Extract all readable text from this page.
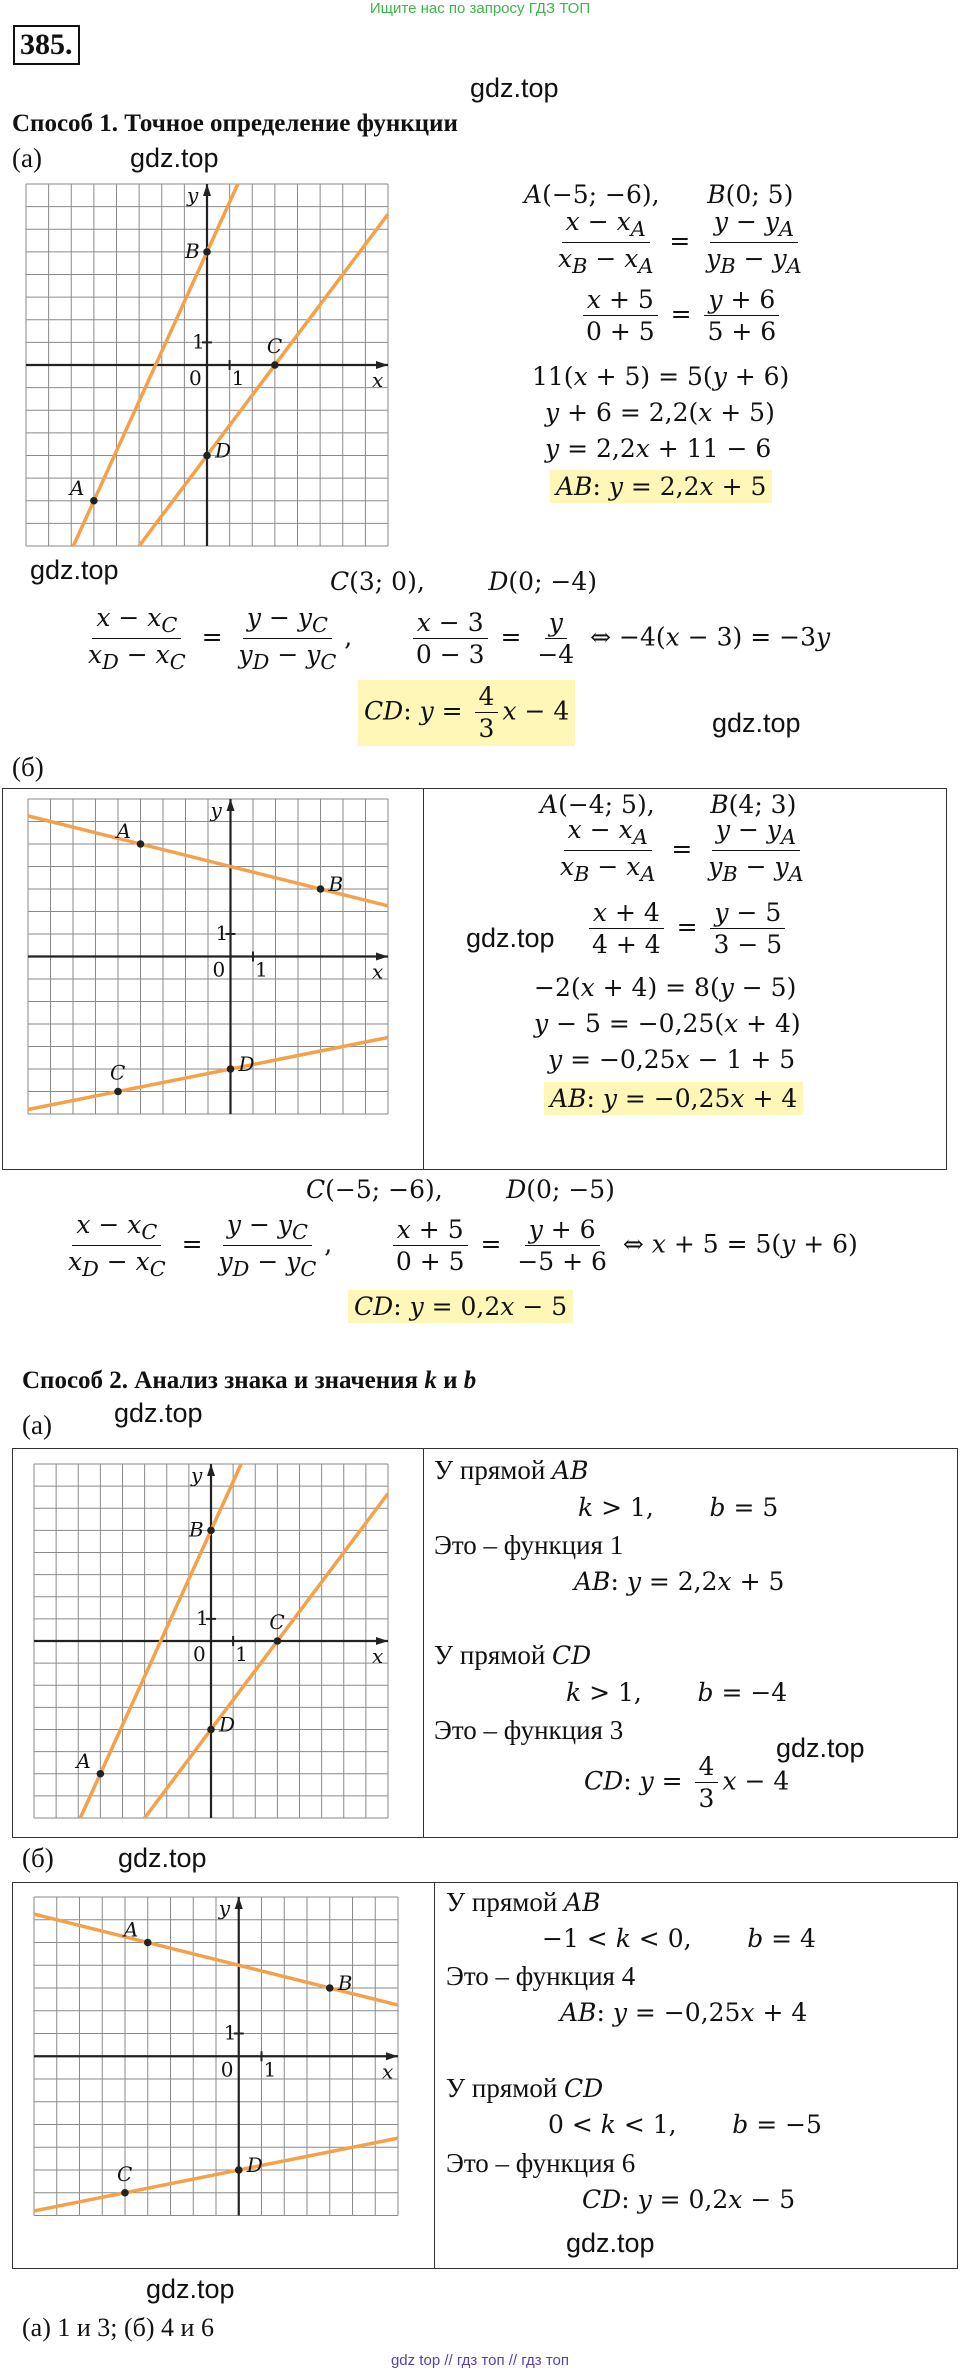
Ищите нас по запросу ГДЗ ТОП
385.
gdz.top
Способ 1. Точное определение функции
(а)	gdz.top
x
y
0 1
1
A
B
C
D
gdz.top
A(−5; −6),      B(0; 5)
$\frac{x - x_A}{x_B - x_A} = \frac{y - y_A}{y_B - y_A}$
$\frac{x + 5}{0 + 5} = \frac{y + 6}{5 + 6}$
11(x + 5) = 5(y + 6)
y + 6 = 2,2(x + 5)
y = 2,2x + 11 − 6
AB: y = 2,2x + 5
C(3; 0),        D(0; −4)
$\frac{x - x_C}{x_D - x_C} = \frac{y - y_C}{y_D - y_C}$ , $\frac{x - 3}{0 - 3} = \frac{y}{-4}$ ⇔ −4(x − 3) = −3y
CD: $y = \frac{4}{3}$ x − 4	gdz.top
(б)
x
y
0 1
1
A
B
C	D
A(−4; 5),       B(4; 3)
$\frac{x - x_A}{x_B - x_A} = \frac{y - y_A}{y_B - y_A}$
$gdz.top \frac{x + 4}{4 + 4} = \frac{y - 5}{3 - 5}$
−2(x + 4) = 8(y − 5)
y − 5 = −0,25(x + 4)
y = −0,25x − 1 + 5
AB: y = −0,25x + 4
C(−5; −6),        D(0; −5)
$\frac{x - x_C}{x_D - x_C} = \frac{y - y_C}{y_D - y_C}$ , $\frac{x + 5}{0 + 5} = \frac{y + 6}{-5 + 6}$ ⇔ x + 5 = 5(y + 6)
CD: y = 0,2x − 5
Способ 2. Анализ знака и значения k и b
(а) gdz.top
x
y
0 1
1
A
B
C
D
У прямой AB
k > 1,       b = 5
Это – функция 1
AB: y = 2,2x + 5
У прямой CD
k > 1,       b = −4
Это – функция 3
gdz.top
CD: $y = \frac{4}{3}$ x − 4
(б) gdz.top
x
y
0 1
1
A
B
C	D
У прямой AB
−1 < k < 0,       b = 4
Это – функция 4
AB: y = −0,25x + 4
У прямой CD
0 < k < 1,       b = −5
Это – функция 6
CD: y = 0,2x − 5
gdz.top
gdz.top
(а) 1 и 3; (б) 4 и 6
gdz top // гдз топ // гдз топ
